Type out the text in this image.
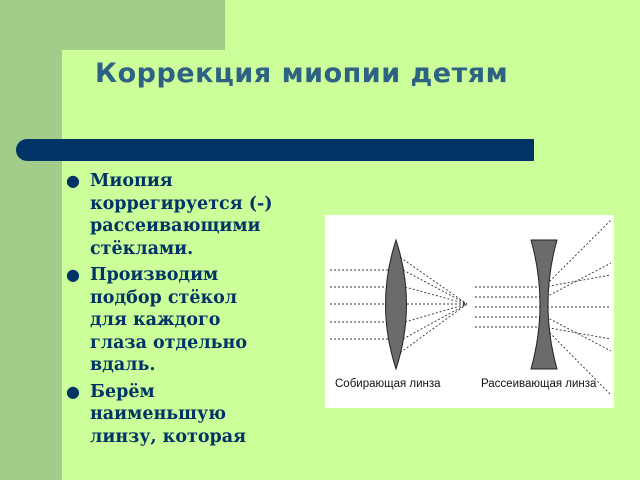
Коррекция миопии детям
● Миопия
коррегируется (-)
рассеивающими
стёклами.
● Производим
подбор стёкол
для каждого
глаза отдельно
вдаль.
● Берём
наименьшую
линзу, которая
Собирающая линза	Рассеивающая линза
